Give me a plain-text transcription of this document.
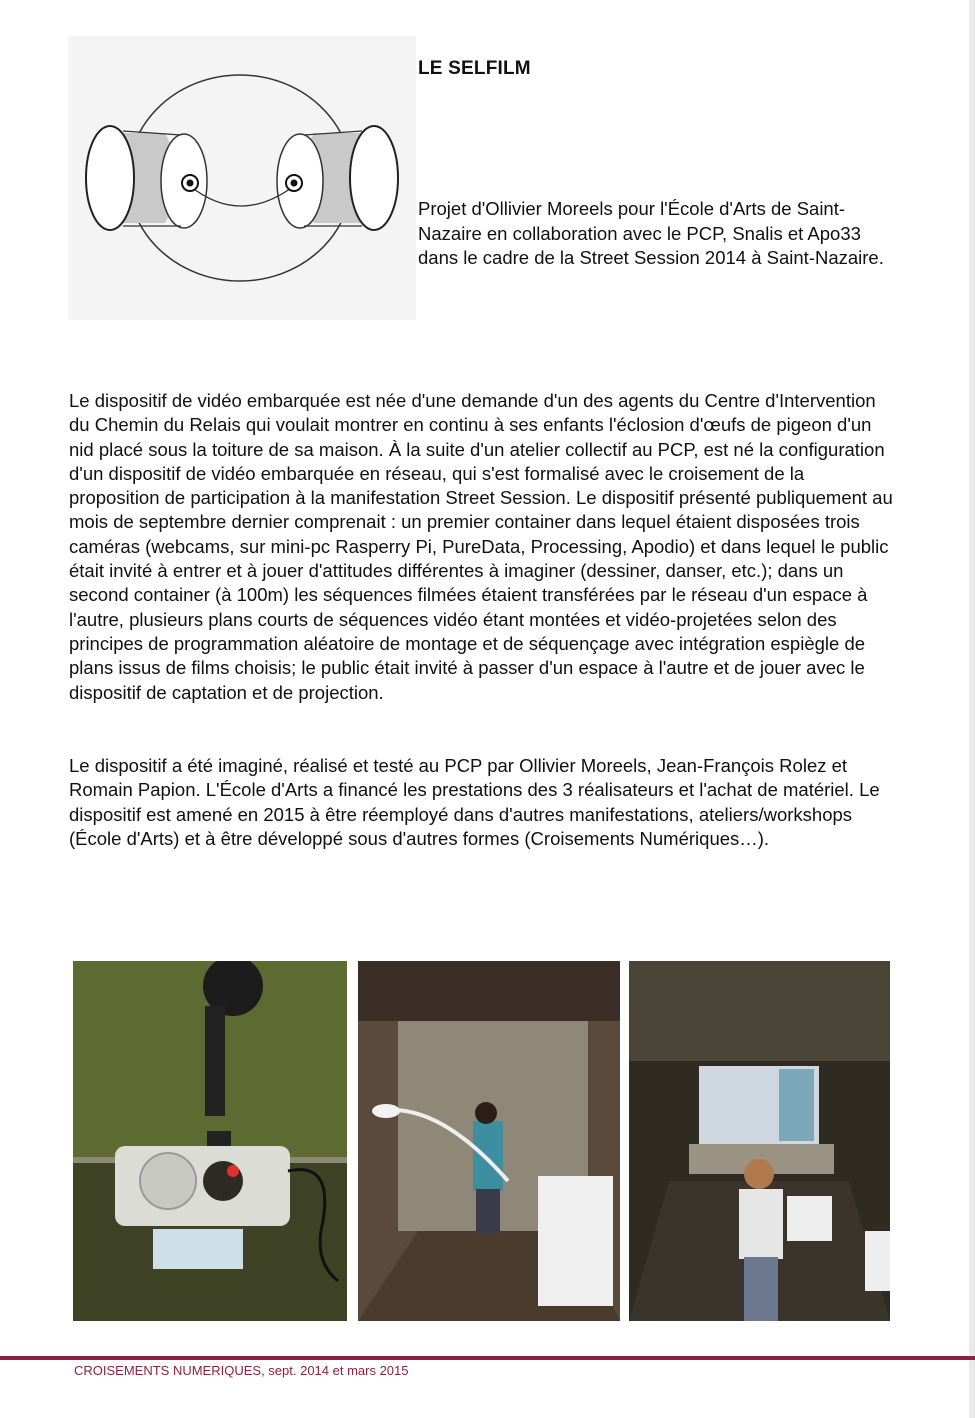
LE SELFILM
Projet d'Ollivier Moreels pour l'École d'Arts de Saint-Nazaire en collaboration avec le PCP, Snalis et Apo33 dans le cadre de la Street Session 2014 à Saint-Nazaire.

Le dispositif de vidéo embarquée est née d'une demande d'un des agents du Centre d'Intervention du Chemin du Relais qui voulait montrer en continu à ses enfants l'éclosion d'œufs de pigeon d'un nid placé sous la toiture de sa maison. À la suite d'un atelier collectif au PCP, est né la configuration d'un dispositif de vidéo embarquée en réseau, qui s'est formalisé avec le croisement de la proposition de participation à la manifestation Street Session. Le dispositif présenté publiquement au mois de septembre dernier comprenait : un premier container dans lequel étaient disposées trois caméras (webcams, sur mini-pc Rasperry Pi, PureData, Processing, Apodio) et dans lequel le public était invité à entrer et à jouer d'attitudes différentes à imaginer (dessiner, danser, etc.); dans un second container (à 100m) les séquences filmées étaient transférées par le réseau d'un espace à l'autre, plusieurs plans courts de séquences vidéo étant montées et vidéo-projetées selon des principes de programmation aléatoire de montage et de séquençage avec intégration espiègle de plans issus de films choisis; le public était invité à passer d'un espace à l'autre et de jouer avec le dispositif de captation et de projection.

Le dispositif a été imaginé, réalisé et testé au PCP par Ollivier Moreels, Jean-François Rolez et Romain Papion. L'École d'Arts a financé les prestations des 3 réalisateurs et l'achat de matériel. Le dispositif est amené en 2015 à être réemployé dans d'autres manifestations, ateliers/workshops (École d'Arts) et à être développé sous d'autres formes (Croisements Numériques…).

CROISEMENTS NUMERIQUES, sept. 2014 et mars 2015
